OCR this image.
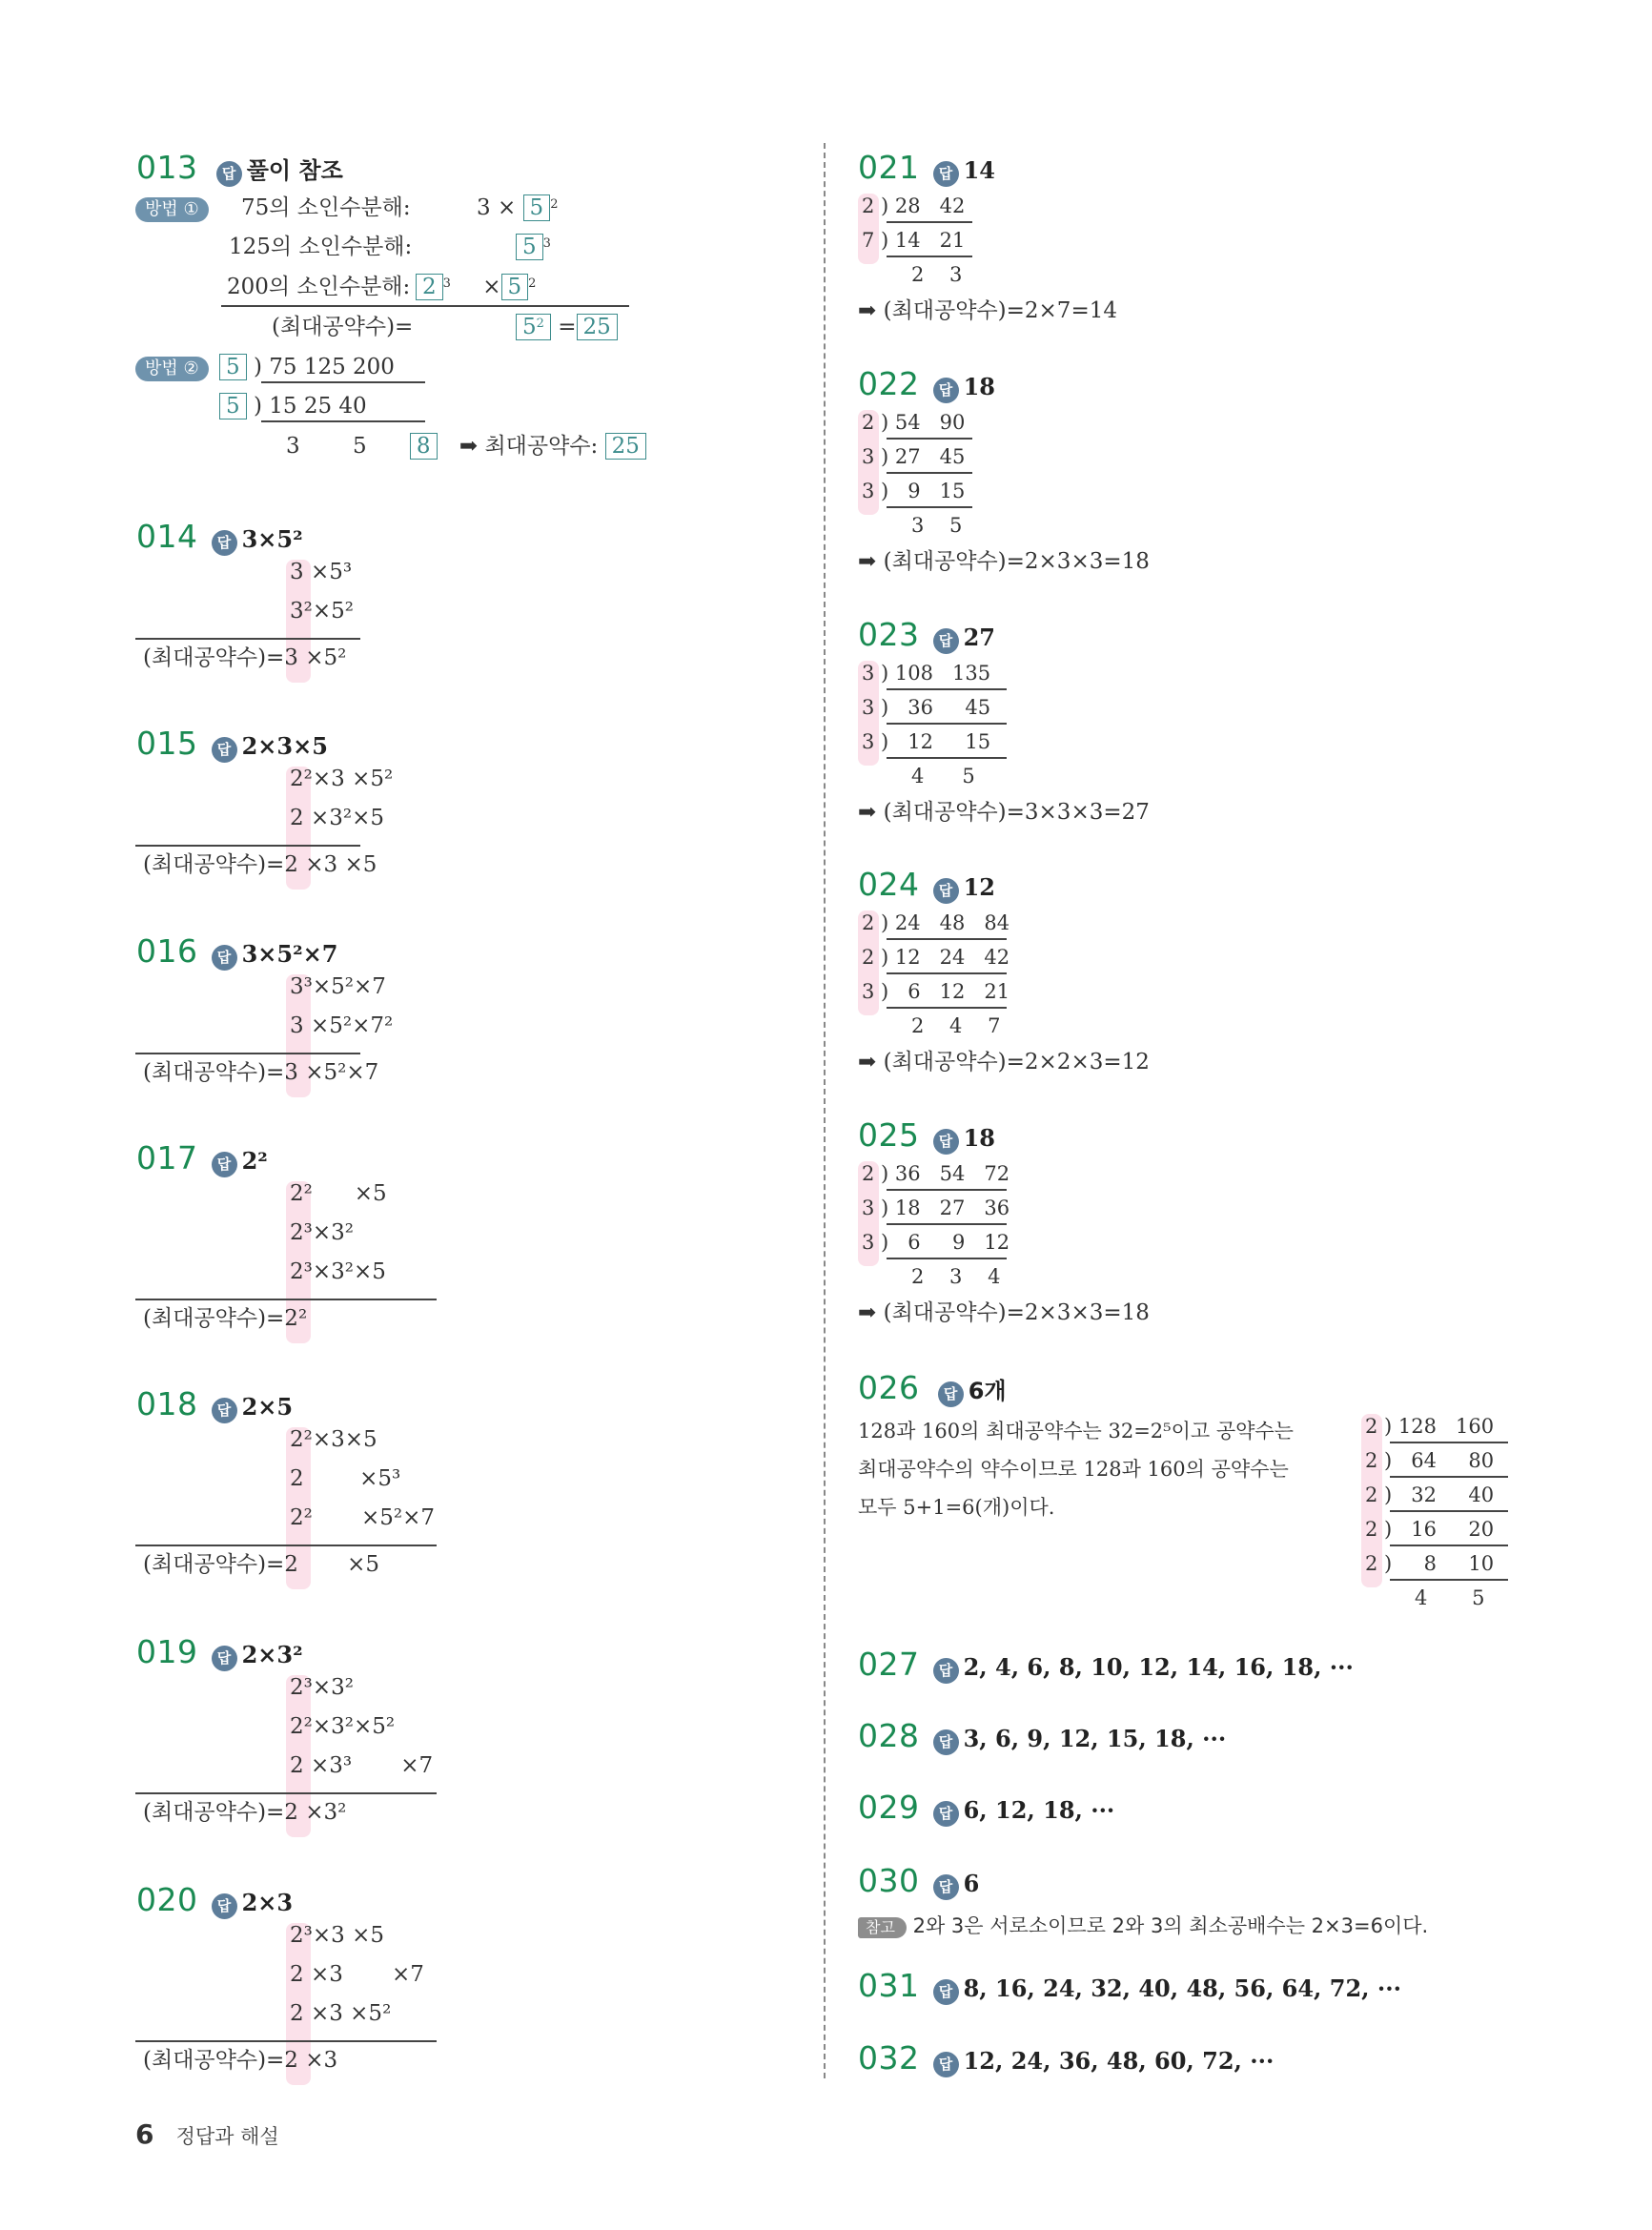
013 답 풀이 참조
방법 ①	75의 소인수분해:	3 × 5 $^2$
125의 소인수분해:	5 $^3$
200의 소인수분해: 2 $^3$ × 5 $^2$
(최대공약수)=	$5^2 = 25$
방법 ②	5 ) 75 125 200
5 ) 15 25 40
3 5 8 ➡ 최대공약수: 25
014 답 3×5²
3 ×5³
3²×5²
(최대공약수)=3 ×5²
015 답 2×3×5
2²×3 ×5²
2 ×3²×5
(최대공약수)=2 ×3 ×5
016 답 3×5²×7
3³×5²×7
3 ×5²×7²
(최대공약수)=3 ×5²×7
017 답 2²
2²      ×5
2³×3²
2³×3²×5
(최대공약수)=2²
018 답 2×5
2²×3×5
2        ×5³
2²       ×5²×7
(최대공약수)=2       ×5
019 답 2×3²
2³×3²
2²×3²×5²
2 ×3³       ×7
(최대공약수)=2 ×3²
020 답 2×3
2³×3 ×5
2 ×3       ×7
2 ×3 ×5²
(최대공약수)=2 ×3
021 답 14
2 ) 28   42
7 ) 14   21
2    3
➡ (최대공약수)=2×7=14
022 답 18
2 ) 54   90
3 ) 27   45
3 )   9   15
3    5
➡ (최대공약수)=2×3×3=18
023 답 27
3 ) 108   135
3 )   36     45
3 )   12     15
4      5
➡ (최대공약수)=3×3×3=27
024 답 12
2 ) 24   48   84
2 ) 12   24   42
3 )   6   12   21
2    4    7
➡ (최대공약수)=2×2×3=12
025 답 18
2 ) 36   54   72
3 ) 18   27   36
3 )   6     9   12
2    3    4
➡ (최대공약수)=2×3×3=18
026 답 6개
128과 160의 최대공약수는 32=2⁵이고 공약수는
최대공약수의 약수이므로 128과 160의 공약수는
모두 5+1=6(개)이다.
2 ) 128   160
2 )   64     80
2 )   32     40
2 )   16     20
2 )     8     10
4       5
027 답 2, 4, 6, 8, 10, 12, 14, 16, 18, ···
028 답 3, 6, 9, 12, 15, 18, ···
029 답 6, 12, 18, ···
030 답 6
031 답 8, 16, 24, 32, 40, 48, 56, 64, 72, ···
032 답 12, 24, 36, 48, 60, 72, ···
참고 2와 3은 서로소이므로 2와 3의 최소공배수는 2×3=6이다.
6 정답과 해설
